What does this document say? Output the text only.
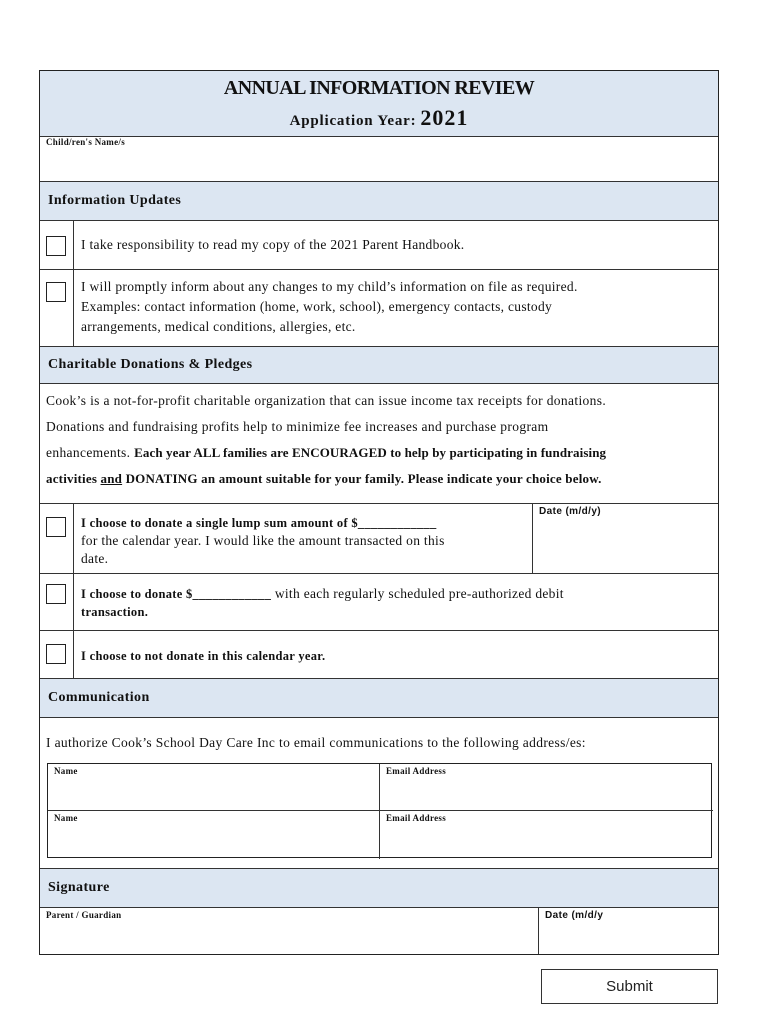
ANNUAL INFORMATION REVIEW
Application Year: 2021
Child/ren's Name/s
Information Updates
I take responsibility to read my copy of the 2021 Parent Handbook.
I will promptly inform about any changes to my child’s information on file as required.
Examples: contact information (home, work, school), emergency contacts, custody
arrangements, medical conditions, allergies, etc.
Charitable Donations & Pledges
Cook’s is a not-for-profit charitable organization that can issue income tax receipts for donations.
Donations and fundraising profits help to minimize fee increases and purchase program
enhancements. Each year ALL families are ENCOURAGED to help by participating in fundraising
activities and DONATING an amount suitable for your family. Please indicate your choice below.
I choose to donate a single lump sum amount of $____________
for the calendar year. I would like the amount transacted on this
date.
Date (m/d/y)
I choose to donate $____________ with each regularly scheduled pre-authorized debit
transaction.
I choose to not donate in this calendar year.
Communication
I authorize Cook’s School Day Care Inc to email communications to the following address/es:
Name	Email Address
Name	Email Address
Signature
Parent / Guardian	Date (m/d/y
Submit
